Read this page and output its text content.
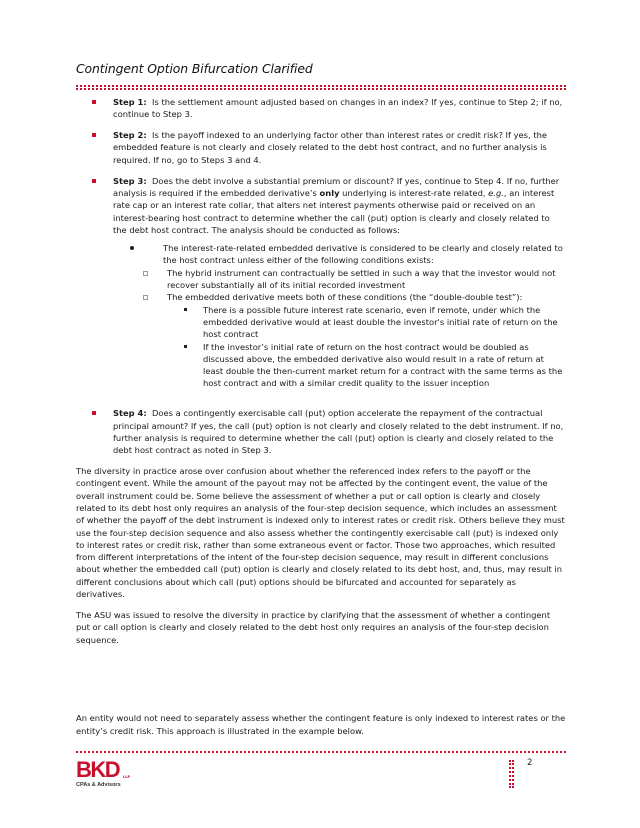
Contingent Option Bifurcation Clarified
Step 1: Is the settlement amount adjusted based on changes in an index? If yes, continue to Step 2; if no, continue to Step 3.
Step 2: Is the payoff indexed to an underlying factor other than interest rates or credit risk? If yes, the embedded feature is not clearly and closely related to the debt host contract, and no further analysis is required. If no, go to Steps 3 and 4.
Step 3: Does the debt involve a substantial premium or discount? If yes, continue to Step 4. If no, further analysis is required if the embedded derivative’s only underlying is interest-rate related, e.g., an interest rate cap or an interest rate collar, that alters net interest payments otherwise paid or received on an interest-bearing host contract to determine whether the call (put) option is clearly and closely related to the debt host contract. The analysis should be conducted as follows:
The interest-rate-related embedded derivative is considered to be clearly and closely related to the host contract unless either of the following conditions exists:
The hybrid instrument can contractually be settled in such a way that the investor would not recover substantially all of its initial recorded investment
The embedded derivative meets both of these conditions (the “double-double test”):
There is a possible future interest rate scenario, even if remote, under which the embedded derivative would at least double the investor's initial rate of return on the host contract
If the investor’s initial rate of return on the host contract would be doubled as discussed above, the embedded derivative also would result in a rate of return at least double the then-current market return for a contract with the same terms as the host contract and with a similar credit quality to the issuer inception
Step 4: Does a contingently exercisable call (put) option accelerate the repayment of the contractual principal amount? If yes, the call (put) option is not clearly and closely related to the debt instrument. If no, further analysis is required to determine whether the call (put) option is clearly and closely related to the debt host contract as noted in Step 3.

The diversity in practice arose over confusion about whether the referenced index refers to the payoff or the contingent event. While the amount of the payout may not be affected by the contingent event, the value of the overall instrument could be. Some believe the assessment of whether a put or call option is clearly and closely related to its debt host only requires an analysis of the four-step decision sequence, which includes an assessment of whether the payoff of the debt instrument is indexed only to interest rates or credit risk. Others believe they must use the four-step decision sequence and also assess whether the contingently exercisable call (put) is indexed only to interest rates or credit risk, rather than some extraneous event or factor. Those two approaches, which resulted from different interpretations of the intent of the four-step decision sequence, may result in different conclusions about whether the embedded call (put) option is clearly and closely related to its debt host, and, thus, may result in different conclusions about which call (put) options should be bifurcated and accounted for separately as derivatives.

The ASU was issued to resolve the diversity in practice by clarifying that the assessment of whether a contingent put or call option is clearly and closely related to the debt host only requires an analysis of the four-step decision sequence.

An entity would not need to separately assess whether the contingent feature is only indexed to interest rates or the entity’s credit risk. This approach is illustrated in the example below.

BKD	LLP
CPAs & Advisors
2
